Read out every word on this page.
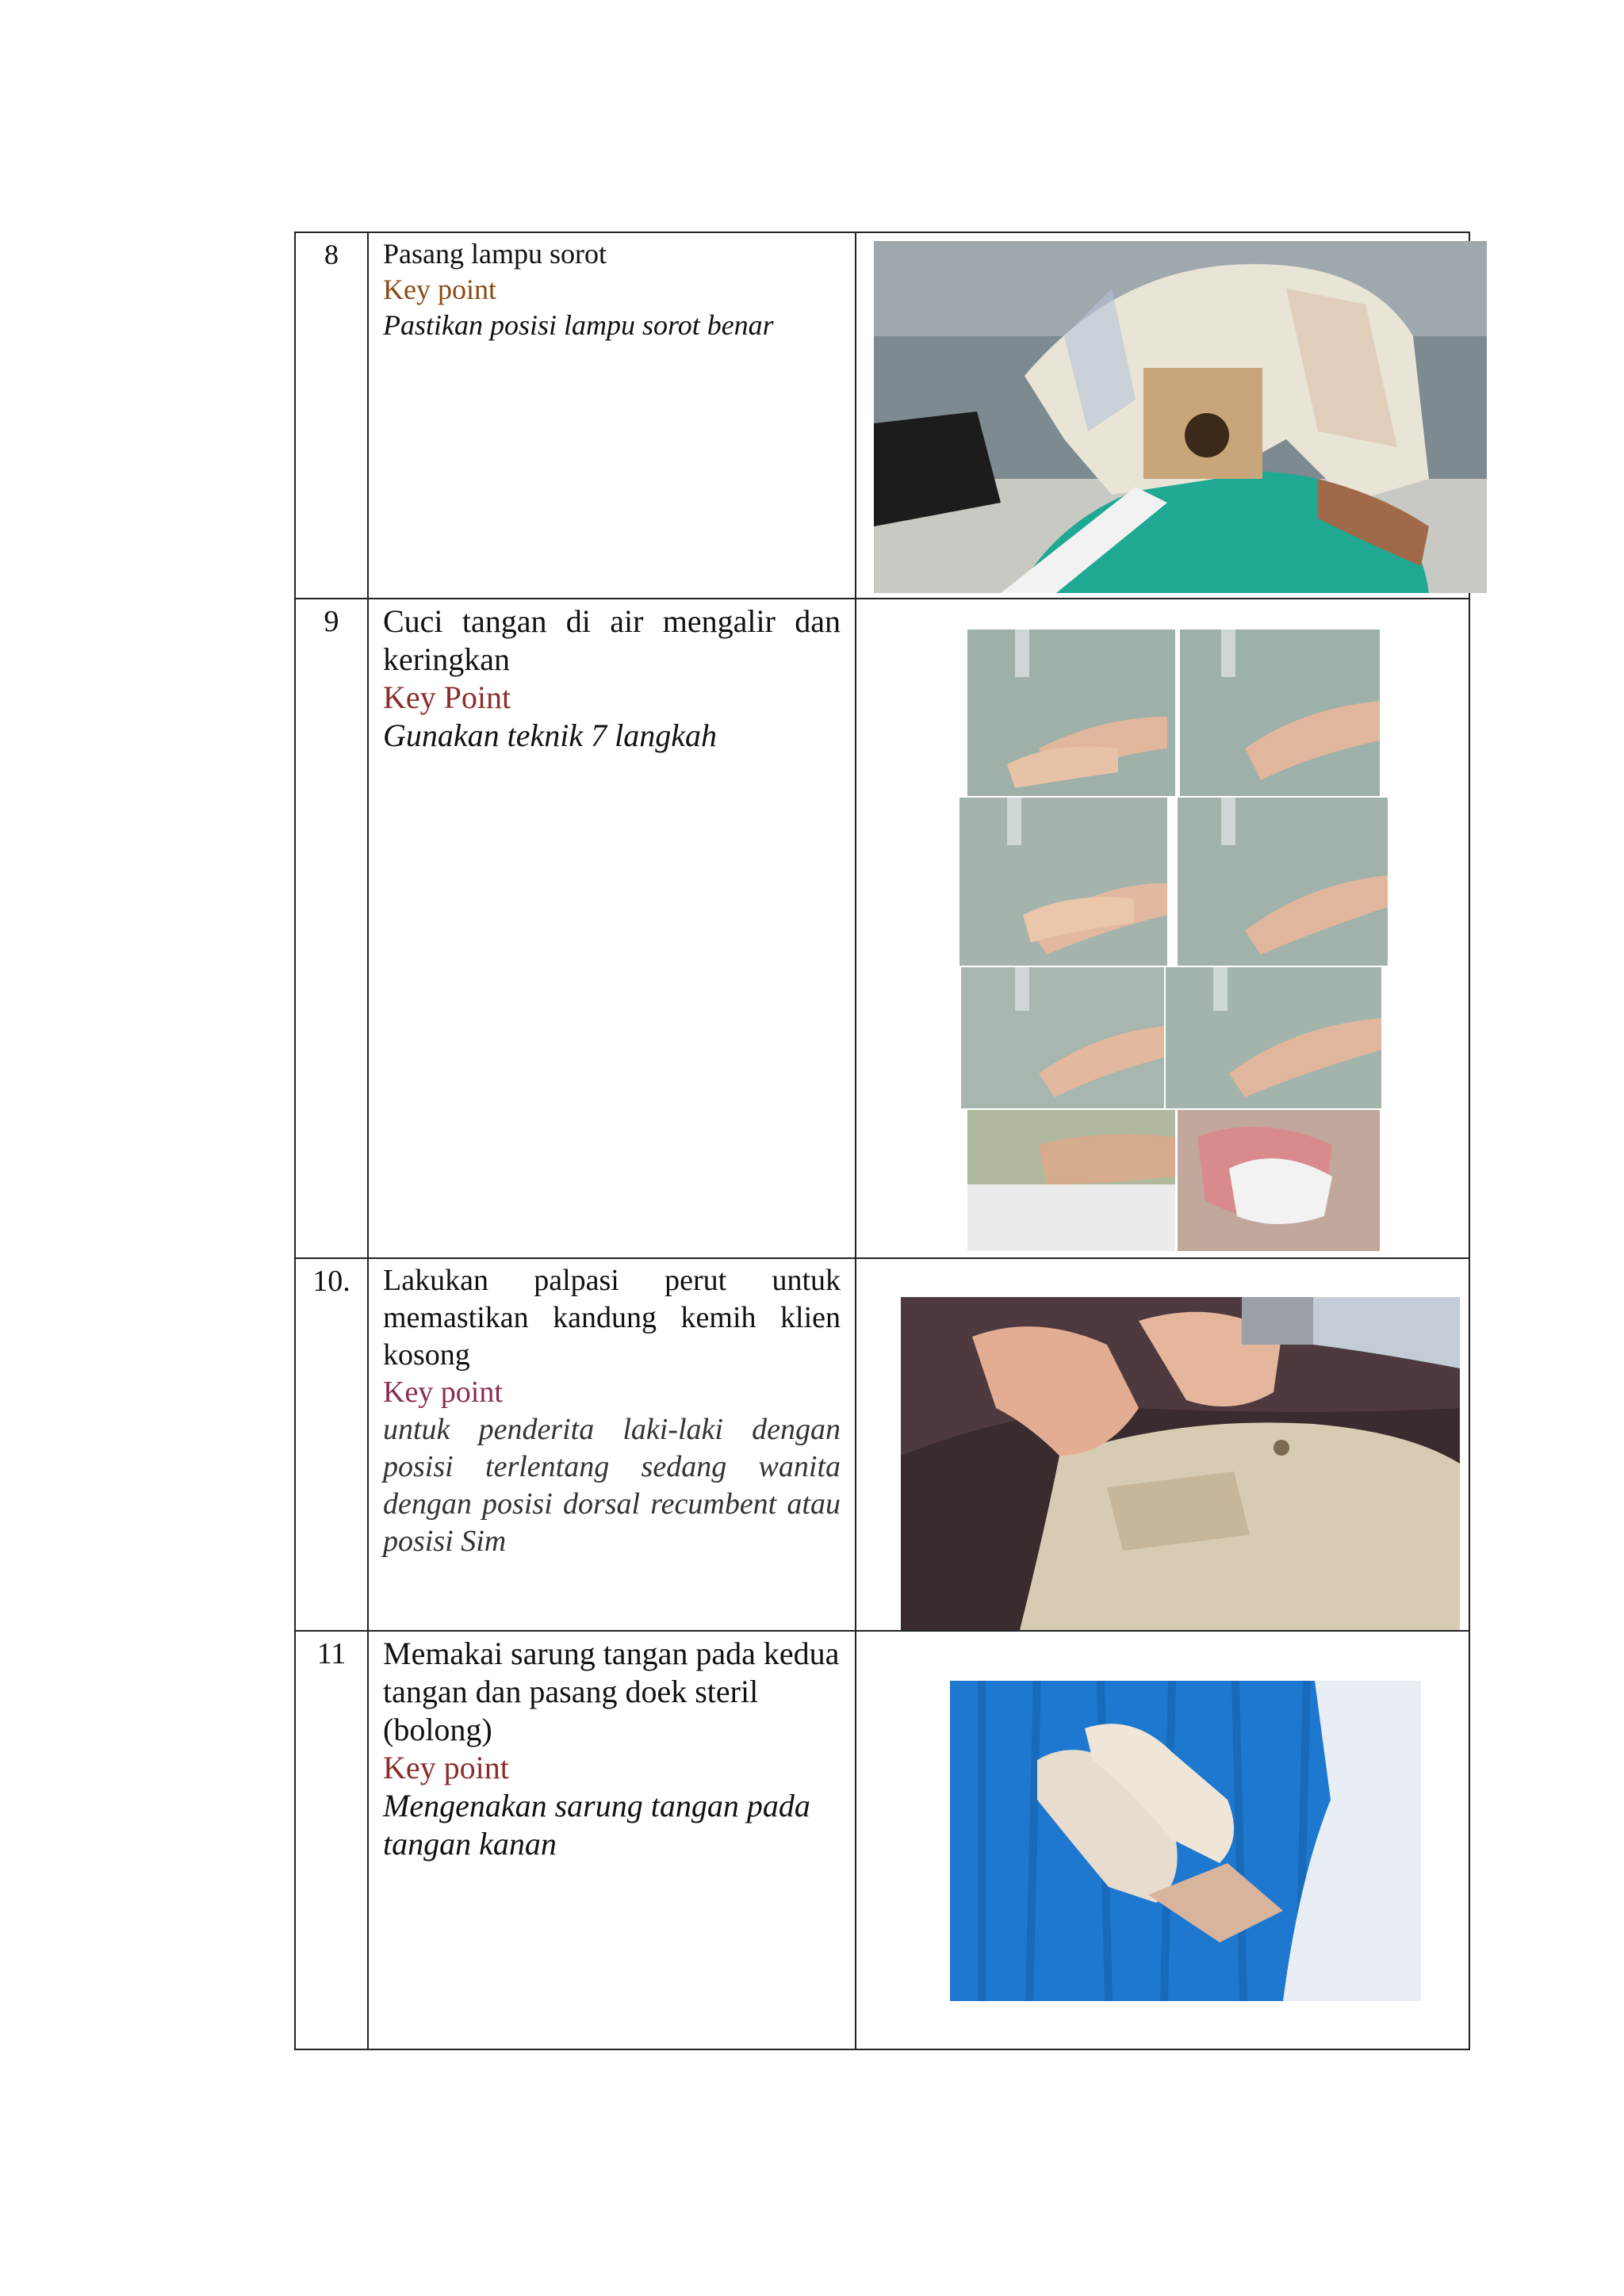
8	Pasang lampu sorot
Key point
Pastikan posisi lampu sorot benar

9	Cuci tangan di air mengalir dan keringkan
Key Point
Gunakan teknik 7 langkah

10.	Lakukan palpasi perut untuk memastikan kandung kemih klien kosong
Key point
untuk penderita laki-laki dengan posisi terlentang sedang wanita dengan posisi dorsal recumbent atau posisi Sim

11	Memakai sarung tangan pada kedua tangan dan pasang doek steril (bolong)
Key point
Mengenakan sarung tangan pada tangan kanan
